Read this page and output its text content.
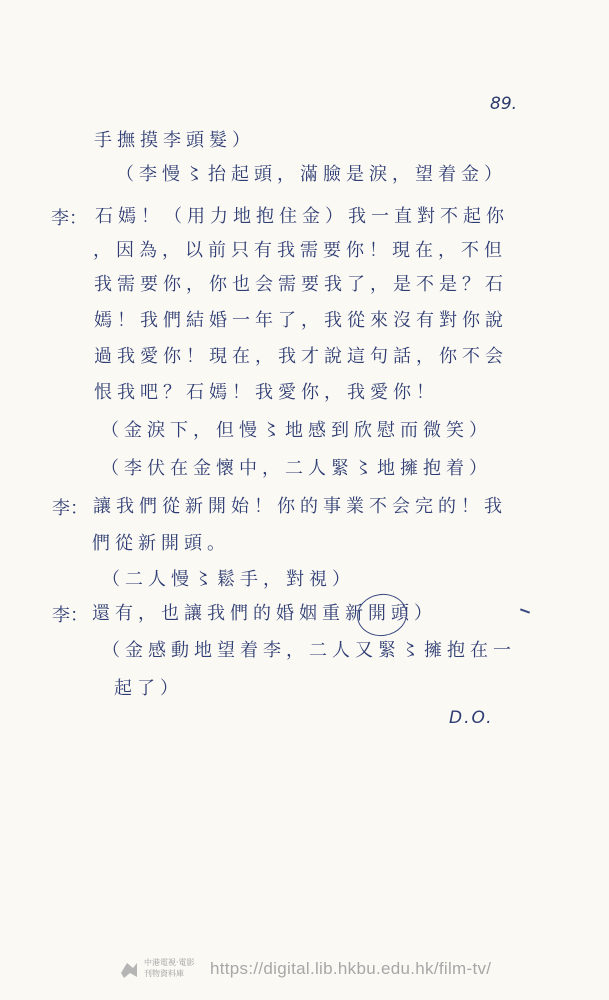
89.
手撫摸李頭髮）
（李慢〻抬起頭，滿臉是淚，望着金）
李： 石嫣！（用力地抱住金）我一直對不起你
，因為，以前只有我需要你！現在，不但
我需要你，你也会需要我了，是不是？石
嫣！我們結婚一年了，我從來沒有對你說
過我愛你！現在，我才說這句話，你不会
恨我吧？石嫣！我愛你，我愛你！
（金淚下，但慢〻地感到欣慰而微笑）
（李伏在金懷中，二人緊〻地擁抱着）
李： 讓我們從新開始！你的事業不会完的！我
們從新開頭。
（二人慢〻鬆手，對視）
李： 還有，也讓我們的婚姻重新開頭）
（金感動地望着李，二人又緊〻擁抱在一
起了）
D.O.
中港電視·電影
刊物資料庫	https://digital.lib.hkbu.edu.hk/film-tv/
